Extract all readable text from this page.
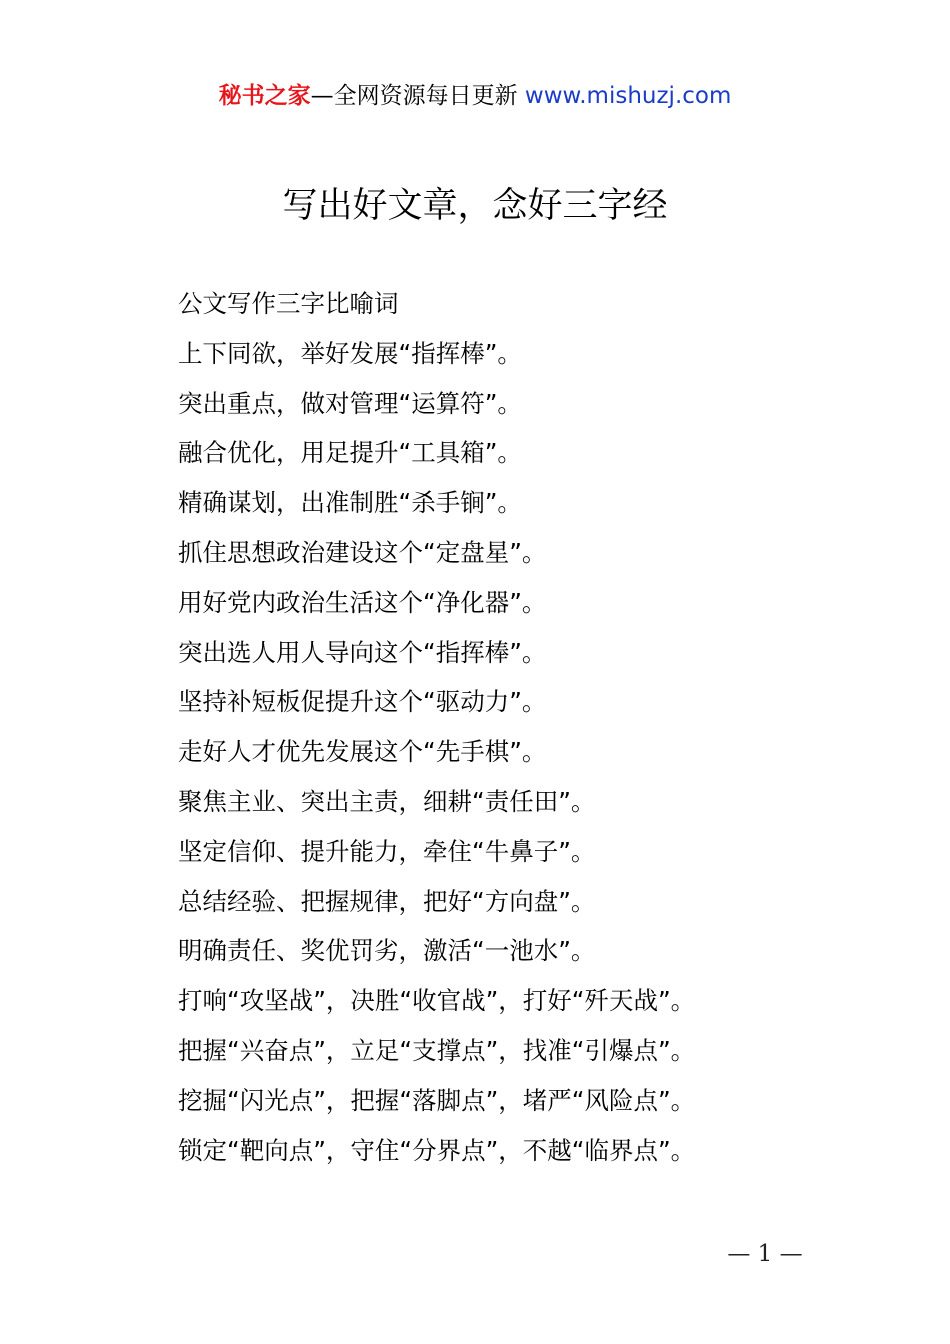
秘书之家—全网资源每日更新 www.mishuzj.com
写出好文章，念好三字经
公文写作三字比喻词
上下同欲，举好发展“指挥棒”。
突出重点，做对管理“运算符”。
融合优化，用足提升“工具箱”。
精确谋划，出准制胜“杀手锏”。
抓住思想政治建设这个“定盘星”。
用好党内政治生活这个“净化器”。
突出选人用人导向这个“指挥棒”。
坚持补短板促提升这个“驱动力”。
走好人才优先发展这个“先手棋”。
聚焦主业、突出主责，细耕“责任田”。
坚定信仰、提升能力，牵住“牛鼻子”。
总结经验、把握规律，把好“方向盘”。
明确责任、奖优罚劣，激活“一池水”。
打响“攻坚战”，决胜“收官战”，打好“歼天战”。
把握“兴奋点”，立足“支撑点”，找准“引爆点”。
挖掘“闪光点”，把握“落脚点”，堵严“风险点”。
锁定“靶向点”，守住“分界点”，不越“临界点”。
— 1 —
